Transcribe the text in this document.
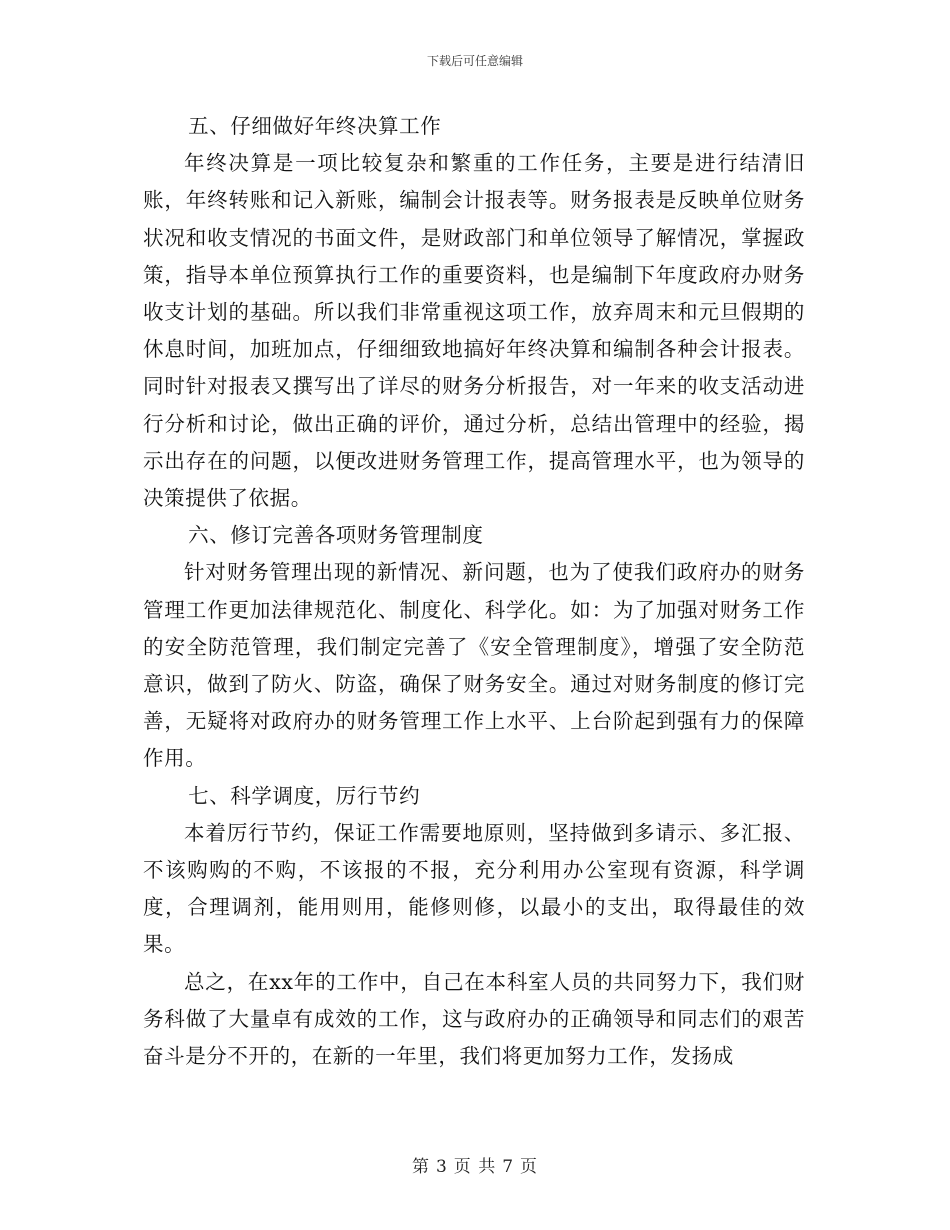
下载后可任意编辑

五、仔细做好年终决算工作

年终决算是一项比较复杂和繁重的工作任务，主要是进行结清旧账，年终转账和记入新账，编制会计报表等。财务报表是反映单位财务状况和收支情况的书面文件，是财政部门和单位领导了解情况，掌握政策，指导本单位预算执行工作的重要资料，也是编制下年度政府办财务收支计划的基础。所以我们非常重视这项工作，放弃周末和元旦假期的休息时间，加班加点，仔细细致地搞好年终决算和编制各种会计报表。同时针对报表又撰写出了详尽的财务分析报告，对一年来的收支活动进行分析和讨论，做出正确的评价，通过分析，总结出管理中的经验，揭示出存在的问题，以便改进财务管理工作，提高管理水平，也为领导的决策提供了依据。

六、修订完善各项财务管理制度

针对财务管理出现的新情况、新问题，也为了使我们政府办的财务管理工作更加法律规范化、制度化、科学化。如：为了加强对财务工作的安全防范管理，我们制定完善了《安全管理制度》，增强了安全防范意识，做到了防火、防盗，确保了财务安全。通过对财务制度的修订完善，无疑将对政府办的财务管理工作上水平、上台阶起到强有力的保障作用。

七、科学调度，厉行节约

本着厉行节约，保证工作需要地原则，坚持做到多请示、多汇报、不该购购的不购，不该报的不报，充分利用办公室现有资源，科学调度，合理调剂，能用则用，能修则修，以最小的支出，取得最佳的效果。

总之，在xx年的工作中，自己在本科室人员的共同努力下，我们财务科做了大量卓有成效的工作，这与政府办的正确领导和同志们的艰苦奋斗是分不开的，在新的一年里，我们将更加努力工作，发扬成

第 3 页 共 7 页
